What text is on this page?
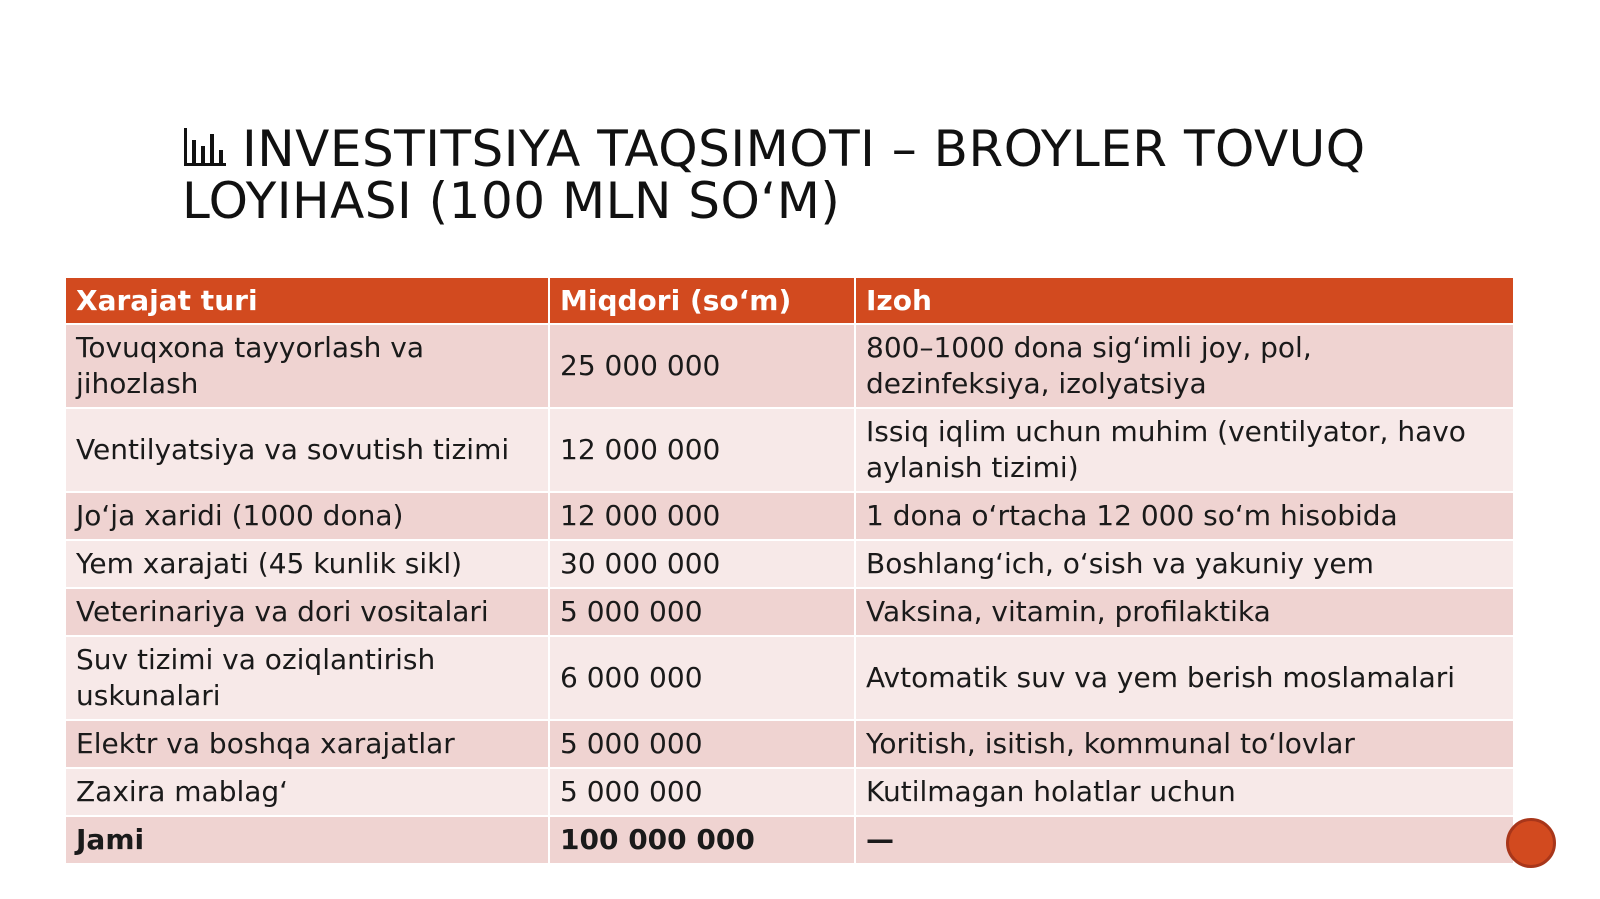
INVESTITSIYA TAQSIMOTI – BROYLER TOVUQ LOYIHASI (100 MLN SO‘M)
Xarajat turi	Miqdori (so‘m)	Izoh
Tovuqxona tayyorlash va jihozlash	25 000 000	800–1000 dona sig‘imli joy, pol, dezinfeksiya, izolyatsiya
Ventilyatsiya va sovutish tizimi	12 000 000	Issiq iqlim uchun muhim (ventilyator, havo aylanish tizimi)
Jo‘ja xaridi (1000 dona)	12 000 000	1 dona o‘rtacha 12 000 so‘m hisobida
Yem xarajati (45 kunlik sikl)	30 000 000	Boshlang‘ich, o‘sish va yakuniy yem
Veterinariya va dori vositalari	5 000 000	Vaksina, vitamin, profilaktika
Suv tizimi va oziqlantirish uskunalari	6 000 000	Avtomatik suv va yem berish moslamalari
Elektr va boshqa xarajatlar	5 000 000	Yoritish, isitish, kommunal to‘lovlar
Zaxira mablag‘	5 000 000	Kutilmagan holatlar uchun
Jami	100 000 000	—
